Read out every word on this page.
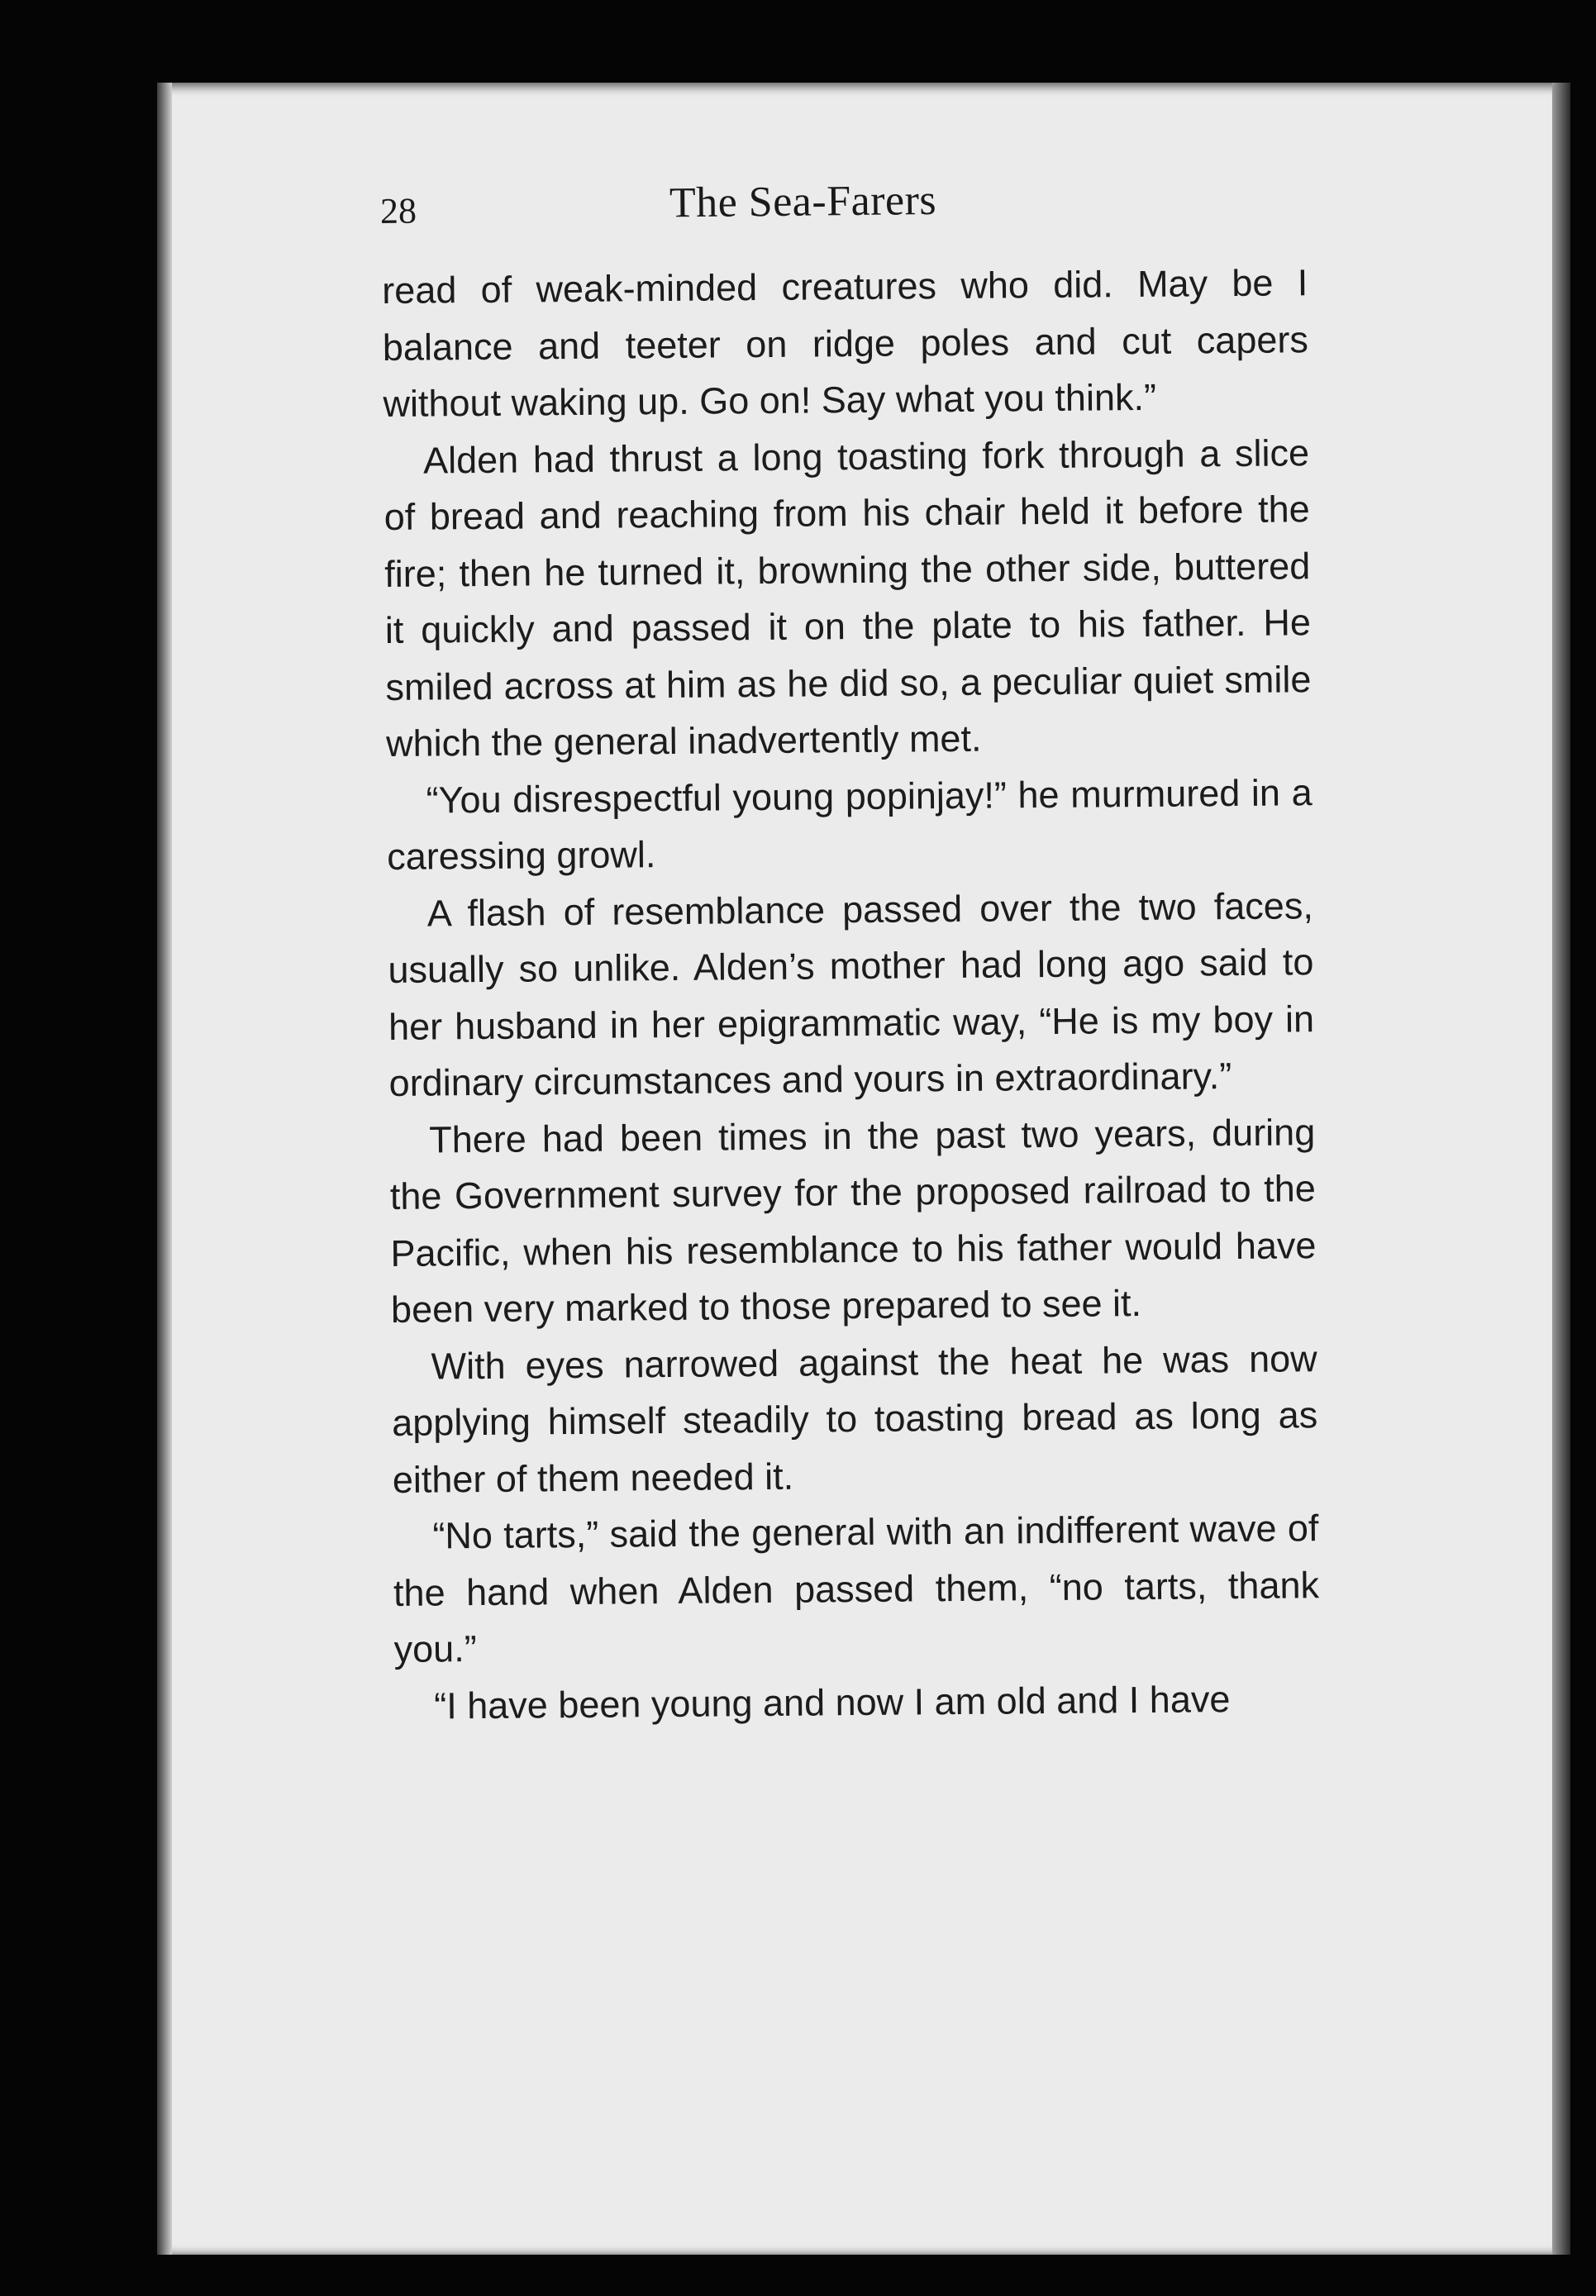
28	The Sea-Farers

read of weak-minded creatures who did. May be I balance and teeter on ridge poles and cut capers without waking up. Go on! Say what you think.”

Alden had thrust a long toasting fork through a slice of bread and reaching from his chair held it before the fire; then he turned it, browning the other side, buttered it quickly and passed it on the plate to his father. He smiled across at him as he did so, a peculiar quiet smile which the general inadvertently met.

“You disrespectful young popinjay!” he murmured in a caressing growl.

A flash of resemblance passed over the two faces, usually so unlike. Alden’s mother had long ago said to her husband in her epigrammatic way, “He is my boy in ordinary circumstances and yours in extraordinary.”

There had been times in the past two years, during the Government survey for the proposed railroad to the Pacific, when his resemblance to his father would have been very marked to those prepared to see it.

With eyes narrowed against the heat he was now applying himself steadily to toasting bread as long as either of them needed it.

“No tarts,” said the general with an indifferent wave of the hand when Alden passed them, “no tarts, thank you.”

“I have been young and now I am old and I have
